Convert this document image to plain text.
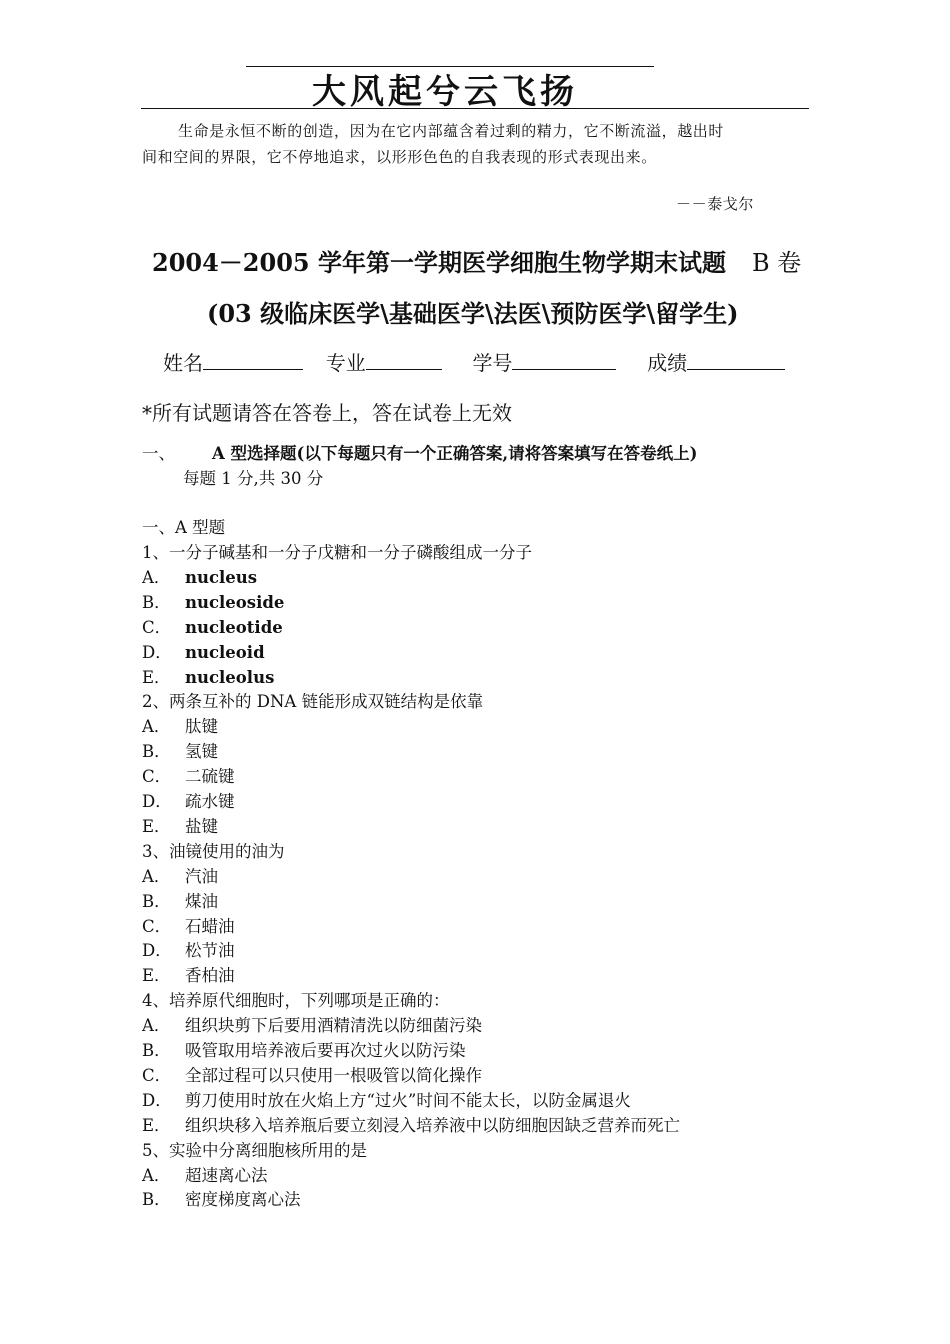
大风起兮云飞扬
生命是永恒不断的创造，因为在它内部蕴含着过剩的精力，它不断流溢，越出时
间和空间的界限，它不停地追求，以形形色色的自我表现的形式表现出来。
－－泰戈尔
2004－2005 学年第一学期医学细胞生物学期末试题 B 卷
(03 级临床医学\基础医学\法医\预防医学\留学生)
姓名	专业	学号	成绩
*所有试题请答在答卷上，答在试卷上无效
一、 A 型选择题(以下每题只有一个正确答案,请将答案填写在答卷纸上)
每题 1 分,共 30 分
一、A 型题
1、一分子碱基和一分子戊糖和一分子磷酸组成一分子
A． nucleus
B． nucleoside
C． nucleotide
D． nucleoid
E． nucleolus
2、两条互补的 DNA 链能形成双链结构是依靠
A． 肽键
B． 氢键
C． 二硫键
D． 疏水键
E． 盐键
3、油镜使用的油为
A． 汽油
B． 煤油
C． 石蜡油
D． 松节油
E． 香柏油
4、培养原代细胞时，下列哪项是正确的：
A． 组织块剪下后要用酒精清洗以防细菌污染
B． 吸管取用培养液后要再次过火以防污染
C． 全部过程可以只使用一根吸管以简化操作
D． 剪刀使用时放在火焰上方“过火”时间不能太长，以防金属退火
E． 组织块移入培养瓶后要立刻浸入培养液中以防细胞因缺乏营养而死亡
5、实验中分离细胞核所用的是
A． 超速离心法
B． 密度梯度离心法
